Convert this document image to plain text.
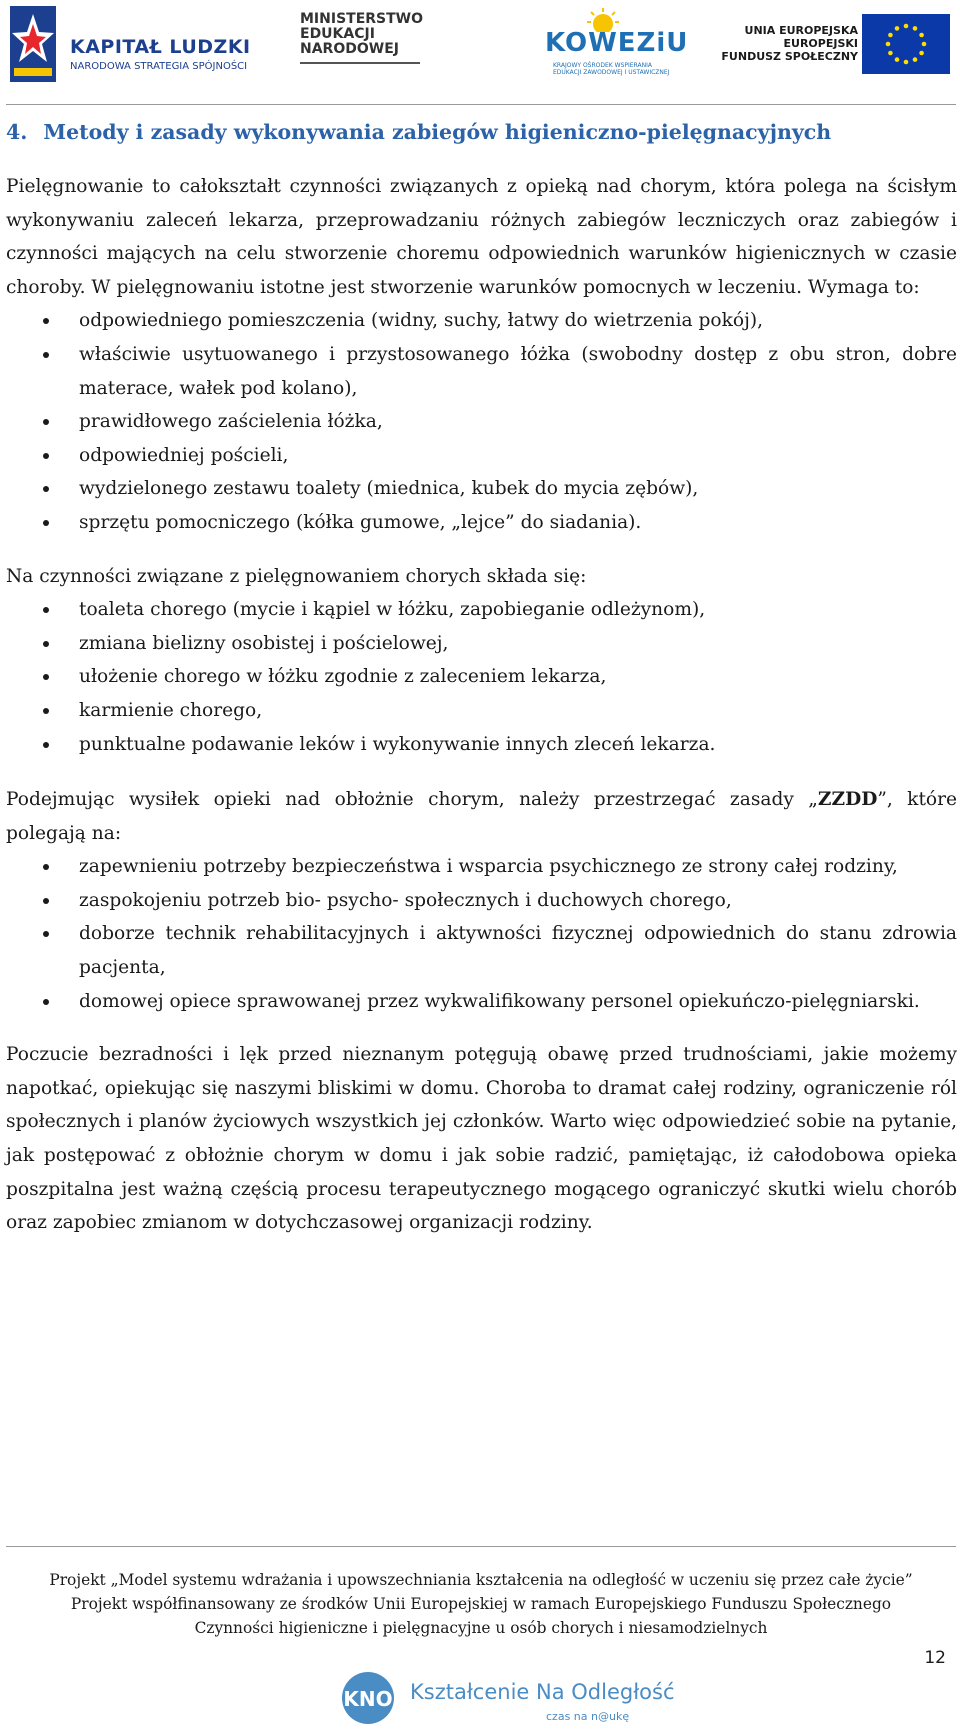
KAPITAŁ LUDZKI
NARODOWA STRATEGIA SPÓJNOŚCI
MINISTERSTWO
EDUKACJI
NARODOWEJ	KOWEZiU
KRAJOWY OŚRODEK WSPIERANIA
EDUKACJI ZAWODOWEJ I USTAWICZNEJ
UNIA EUROPEJSKA
EUROPEJSKI
FUNDUSZ SPOŁECZNY
4. Metody i zasady wykonywania zabiegów higieniczno-pielęgnacyjnych

Pielęgnowanie to całokształt czynności związanych z opieką nad chorym, która polega na ścisłym wykonywaniu zaleceń lekarza, przeprowadzaniu różnych zabiegów leczniczych oraz zabiegów i czynności mających na celu stworzenie choremu odpowiednich warunków higienicznych w czasie choroby. W pielęgnowaniu istotne jest stworzenie warunków pomocnych w leczeniu. Wymaga to:

odpowiedniego pomieszczenia (widny, suchy, łatwy do wietrzenia pokój),
właściwie usytuowanego i przystosowanego łóżka (swobodny dostęp z obu stron, dobre materace, wałek pod kolano),
prawidłowego zaścielenia łóżka,
odpowiedniej pościeli,
wydzielonego zestawu toalety (miednica, kubek do mycia zębów),
sprzętu pomocniczego (kółka gumowe, „lejce” do siadania).

Na czynności związane z pielęgnowaniem chorych składa się:

toaleta chorego (mycie i kąpiel w łóżku, zapobieganie odleżynom),
zmiana bielizny osobistej i pościelowej,
ułożenie chorego w łóżku zgodnie z zaleceniem lekarza,
karmienie chorego,
punktualne podawanie leków i wykonywanie innych zleceń lekarza.

Podejmując wysiłek opieki nad obłożnie chorym, należy przestrzegać zasady „ZZDD”, które polegają na:

zapewnieniu potrzeby bezpieczeństwa i wsparcia psychicznego ze strony całej rodziny,
zaspokojeniu potrzeb bio- psycho- społecznych i duchowych chorego,
doborze technik rehabilitacyjnych i aktywności fizycznej odpowiednich do stanu zdrowia pacjenta,
domowej opiece sprawowanej przez wykwalifikowany personel opiekuńczo-pielęgniarski.

Poczucie bezradności i lęk przed nieznanym potęgują obawę przed trudnościami, jakie możemy napotkać, opiekując się naszymi bliskimi w domu. Choroba to dramat całej rodziny, ograniczenie ról społecznych i planów życiowych wszystkich jej członków. Warto więc odpowiedzieć sobie na pytanie, jak postępować z obłożnie chorym w domu i jak sobie radzić, pamiętając, iż całodobowa opieka poszpitalna jest ważną częścią procesu terapeutycznego mogącego ograniczyć skutki wielu chorób oraz zapobiec zmianom w dotychczasowej organizacji rodziny.

Projekt „Model systemu wdrażania i upowszechniania kształcenia na odległość w uczeniu się przez całe życie”
Projekt współfinansowany ze środków Unii Europejskiej w ramach Europejskiego Funduszu Społecznego
Czynności higieniczne i pielęgnacyjne u osób chorych i niesamodzielnych
12
KNO Kształcenie Na Odległość
czas na n@ukę
